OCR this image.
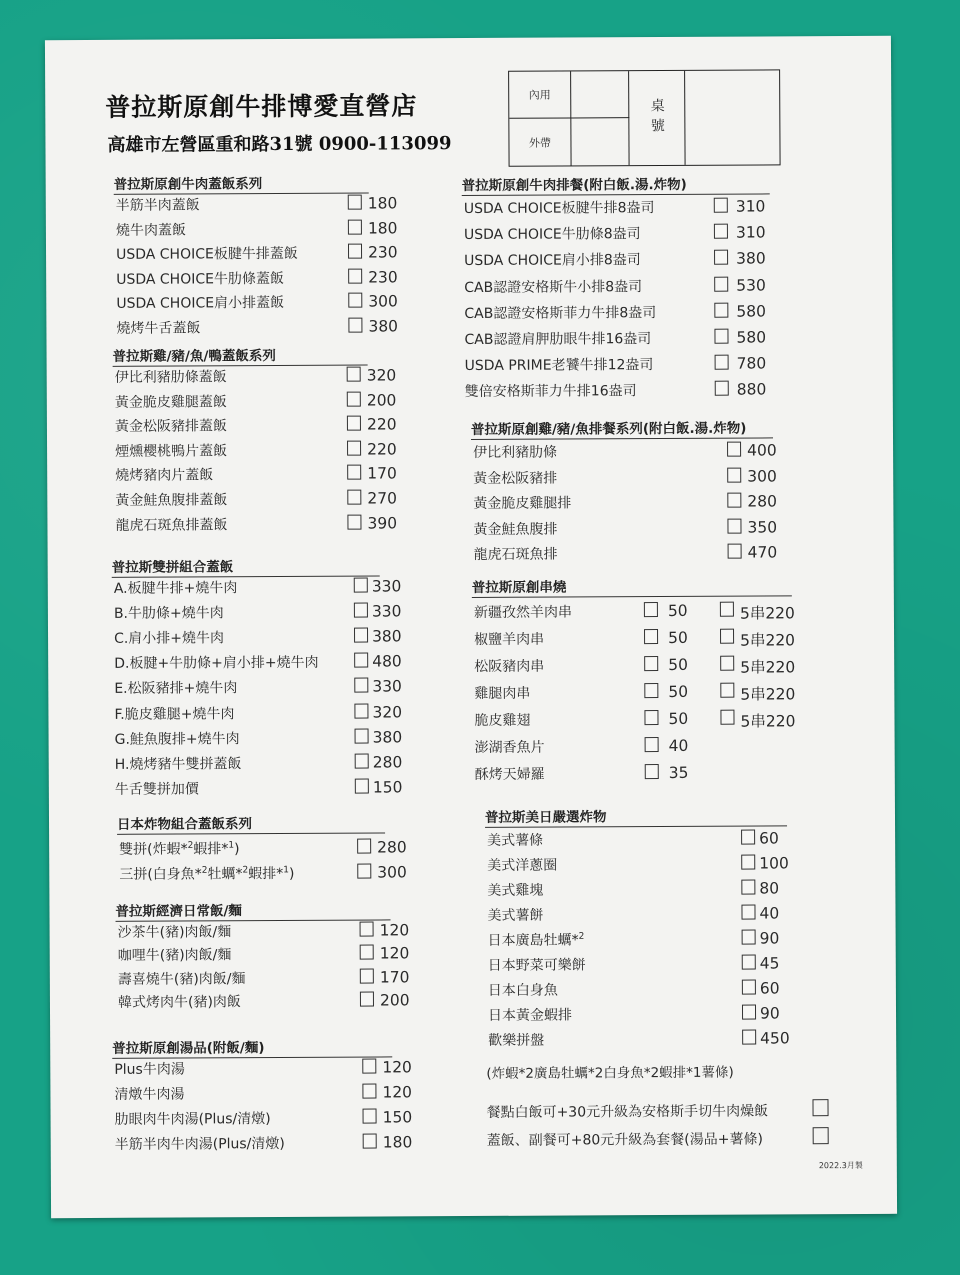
普拉斯原創牛排博愛直營店
高雄市左營區重和路31號 0900-113099
內用
外帶
桌號
普拉斯原創牛肉蓋飯系列
半筋半肉蓋飯	180
燒牛肉蓋飯	180
USDA CHOICE板腱牛排蓋飯	230
USDA CHOICE牛肋條蓋飯	230
USDA CHOICE肩小排蓋飯	300
燒烤牛舌蓋飯	380
普拉斯雞/豬/魚/鴨蓋飯系列
伊比利豬肋條蓋飯	320
黃金脆皮雞腿蓋飯	200
黃金松阪豬排蓋飯	220
煙燻櫻桃鴨片蓋飯	220
燒烤豬肉片蓋飯	170
黃金鮭魚腹排蓋飯	270
龍虎石斑魚排蓋飯	390
普拉斯雙拼組合蓋飯
A.板腱牛排+燒牛肉	330
B.牛肋條+燒牛肉	330
C.肩小排+燒牛肉	380
D.板腱+牛肋條+肩小排+燒牛肉	480
E.松阪豬排+燒牛肉	330
F.脆皮雞腿+燒牛肉	320
G.鮭魚腹排+燒牛肉	380
H.燒烤豬牛雙拼蓋飯	280
牛舌雙拼加價	150
日本炸物組合蓋飯系列
雙拼(炸蝦*$^2$蝦排*$^1$)	280
三拼(白身魚*$^2$牡蠣*$^2$蝦排*$^1$)	300
普拉斯經濟日常飯/麵
沙茶牛(豬)肉飯/麵	120
咖哩牛(豬)肉飯/麵	120
壽喜燒牛(豬)肉飯/麵	170
韓式烤肉牛(豬)肉飯	200
普拉斯原創湯品(附飯/麵)
Plus牛肉湯	120
清燉牛肉湯	120
肋眼肉牛肉湯(Plus/清燉)	150
半筋半肉牛肉湯(Plus/清燉)	180
普拉斯原創牛肉排餐(附白飯.湯.炸物)
USDA CHOICE板腱牛排8盎司	310
USDA CHOICE牛肋條8盎司	310
USDA CHOICE肩小排8盎司	380
CAB認證安格斯牛小排8盎司	530
CAB認證安格斯菲力牛排8盎司	580
CAB認證肩胛肋眼牛排16盎司	580
USDA PRIME老饕牛排12盎司	780
雙倍安格斯菲力牛排16盎司	880
普拉斯原創雞/豬/魚排餐系列(附白飯.湯.炸物)
伊比利豬肋條	400
黃金松阪豬排	300
黃金脆皮雞腿排	280
黃金鮭魚腹排	350
龍虎石斑魚排	470
普拉斯原創串燒
新疆孜然羊肉串	50	5串220
椒鹽羊肉串	50	5串220
松阪豬肉串	50	5串220
雞腿肉串	50	5串220
脆皮雞翅	50	5串220
澎湖香魚片	40
酥烤天婦羅	35
普拉斯美日嚴選炸物
美式薯條	60
美式洋蔥圈	100
美式雞塊	80
美式薯餅	40
日本廣島牡蠣*$^2$	90
日本野菜可樂餅	45
日本白身魚	60
日本黃金蝦排	90
歡樂拼盤	450
(炸蝦*2廣島牡蠣*2白身魚*2蝦排*1薯條)
餐點白飯可+30元升級為安格斯手切牛肉燥飯
蓋飯、副餐可+80元升級為套餐(湯品+薯條)
2022.3月製
